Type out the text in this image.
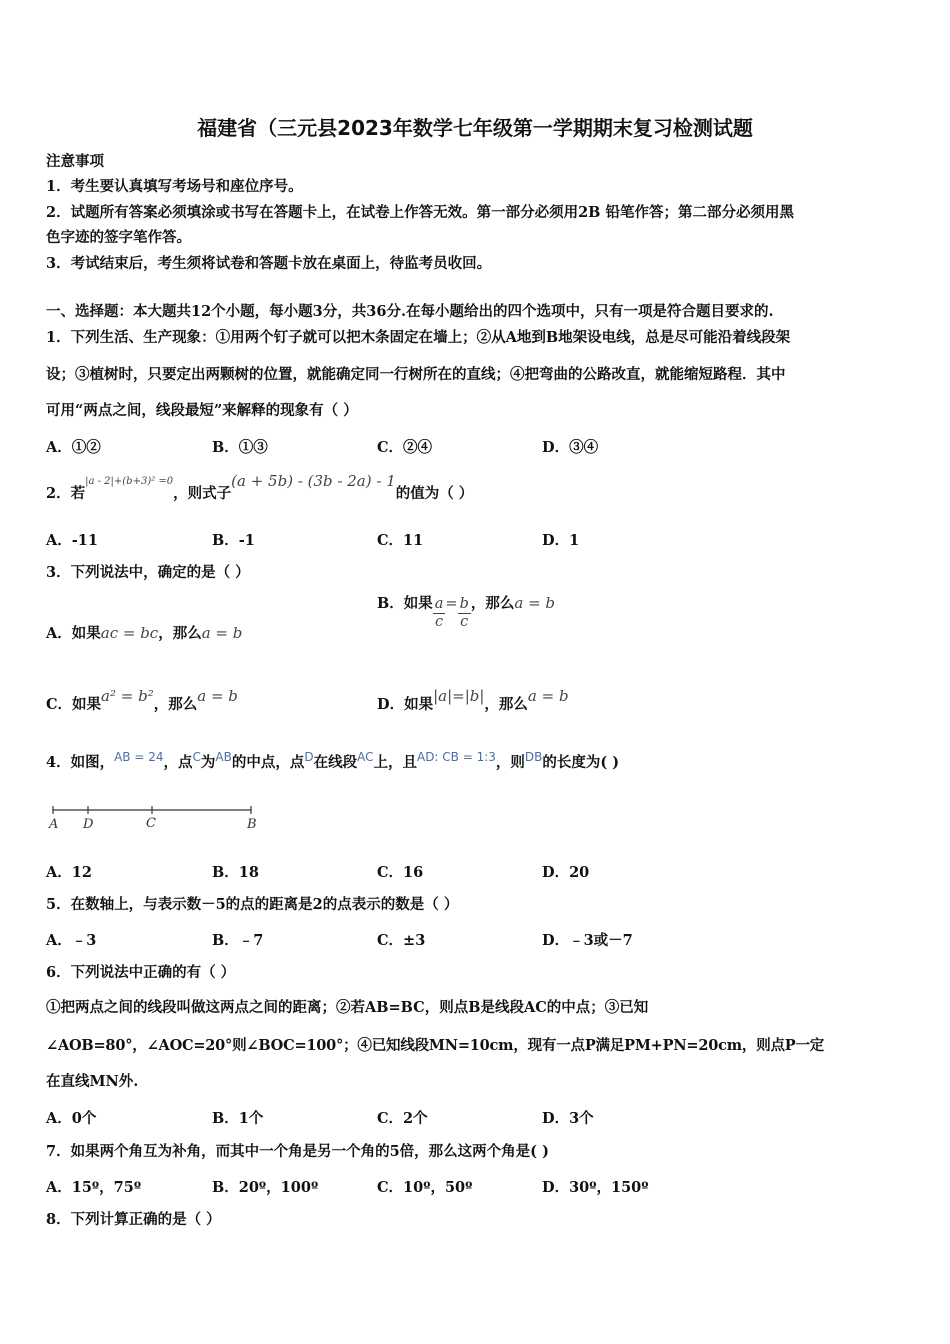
福建省（三元县2023年数学七年级第一学期期末复习检测试题
注意事项
1．考生要认真填写考场号和座位序号。
2．试题所有答案必须填涂或书写在答题卡上，在试卷上作答无效。第一部分必须用2B 铅笔作答；第二部分必须用黑
色字迹的签字笔作答。
3．考试结束后，考生须将试卷和答题卡放在桌面上，待监考员收回。
一、选择题：本大题共12个小题，每小题3分，共36分.在每小题给出的四个选项中，只有一项是符合题目要求的.
1．下列生活、生产现象：①用两个钉子就可以把木条固定在墙上；②从A地到B地架设电线，总是尽可能沿着线段架
设；③植树时，只要定出两颗树的位置，就能确定同一行树所在的直线；④把弯曲的公路改直，就能缩短路程．其中
可用“两点之间，线段最短”来解释的现象有（ ）
A．①②	B．①③	C．②④	D．③④
2．若$^{|a - 2|+(b+3)^2 =0}$，则式子(a + 5b) - (3b - 2a) - 1的值为（ ）
A．-11	B．-1	C．11	D．1
3．下列说法中，确定的是（ ）
A．如果ac = bc，那么a = b
B．如果 $\frac{a}{c} = \frac{b}{c}$ ，那么a = b
C．如果a² = b²，那么a = b	D．如果|a|=|b|，那么a = b
4．如图，$^{AB = 24}$，点$^C$为$^{AB}$的中点，点$^D$在线段$^{AC}$上，且$^{AD: CB = 1:3}$，则$^{DB}$的长度为( )
A D	C	B
A．12	B．18	C．16	D．20
5．在数轴上，与表示数－5的点的距离是2的点表示的数是（ ）
A．﹣3	B．﹣7	C．±3	D．﹣3或－7
6．下列说法中正确的有（ ）
①把两点之间的线段叫做这两点之间的距离；②若AB=BC，则点B是线段AC的中点；③已知
∠AOB=80°，∠AOC=20°则∠BOC=100°；④已知线段MN=10cm，现有一点P满足PM+PN=20cm，则点P一定
在直线MN外.
A．0个	B．1个	C．2个	D．3个
7．如果两个角互为补角，而其中一个角是另一个角的5倍，那么这两个角是( )
A．15º，75º	B．20º，100º	C．10º，50º	D．30º，150º
8．下列计算正确的是（ ）
